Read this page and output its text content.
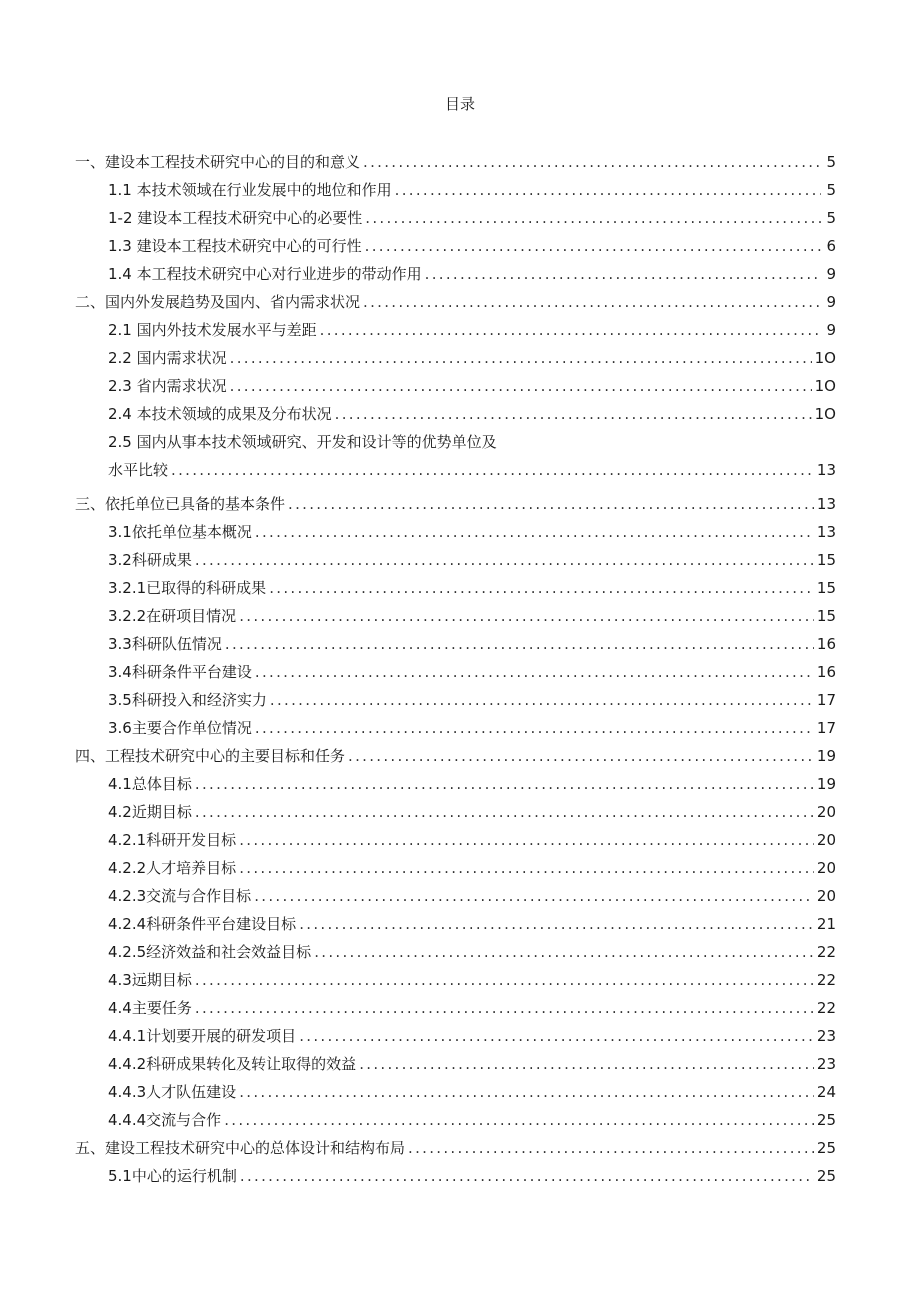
目录
一、建设本工程技术研究中心的目的和意义 .....	5
1.1 本技术领域在行业发展中的地位和作用 .....	5
1-2 建设本工程技术研究中心的必要性 .....	5
1.3 建设本工程技术研究中心的可行性 .....	6
1.4 本工程技术研究中心对行业进步的带动作用 .....	9
二、国内外发展趋势及国内、省内需求状况 .....	9
2.1 国内外技术发展水平与差距 .....	9
2.2 国内需求状况 .....	1O
2.3 省内需求状况 .....	1O
2.4 本技术领域的成果及分布状况 .....	1O
2.5 国内从事本技术领域研究、开发和设计等的优势单位及
水平比较 .....	13
三、依托单位已具备的基本条件 .....	13
3.1 依托单位基本概况 .....	13
3.2 科研成果 .....	15
3.2.1 已取得的科研成果 .....	15
3.2.2 在研项目情况 .....	15
3.3 科研队伍情况 .....	16
3.4 科研条件平台建设 .....	16
3.5 科研投入和经济实力 .....	17
3.6 主要合作单位情况 .....	17
四、工程技术研究中心的主要目标和任务 .....	19
4.1 总体目标 .....	19
4.2 近期目标 .....	20
4.2.1 科研开发目标 .....	20
4.2.2 人才培养目标 .....	20
4.2.3 交流与合作目标 .....	20
4.2.4 科研条件平台建设目标 .....	21
4.2.5 经济效益和社会效益目标 .....	22
4.3 远期目标 .....	22
4.4 主要任务 .....	22
4.4.1 计划要开展的研发项目 .....	23
4.4.2 科研成果转化及转让取得的效益 .....	23
4.4.3 人才队伍建设 .....	24
4.4.4 交流与合作 .....	25
五、建设工程技术研究中心的总体设计和结构布局 .....	25
5.1 中心的运行机制 .....	25
